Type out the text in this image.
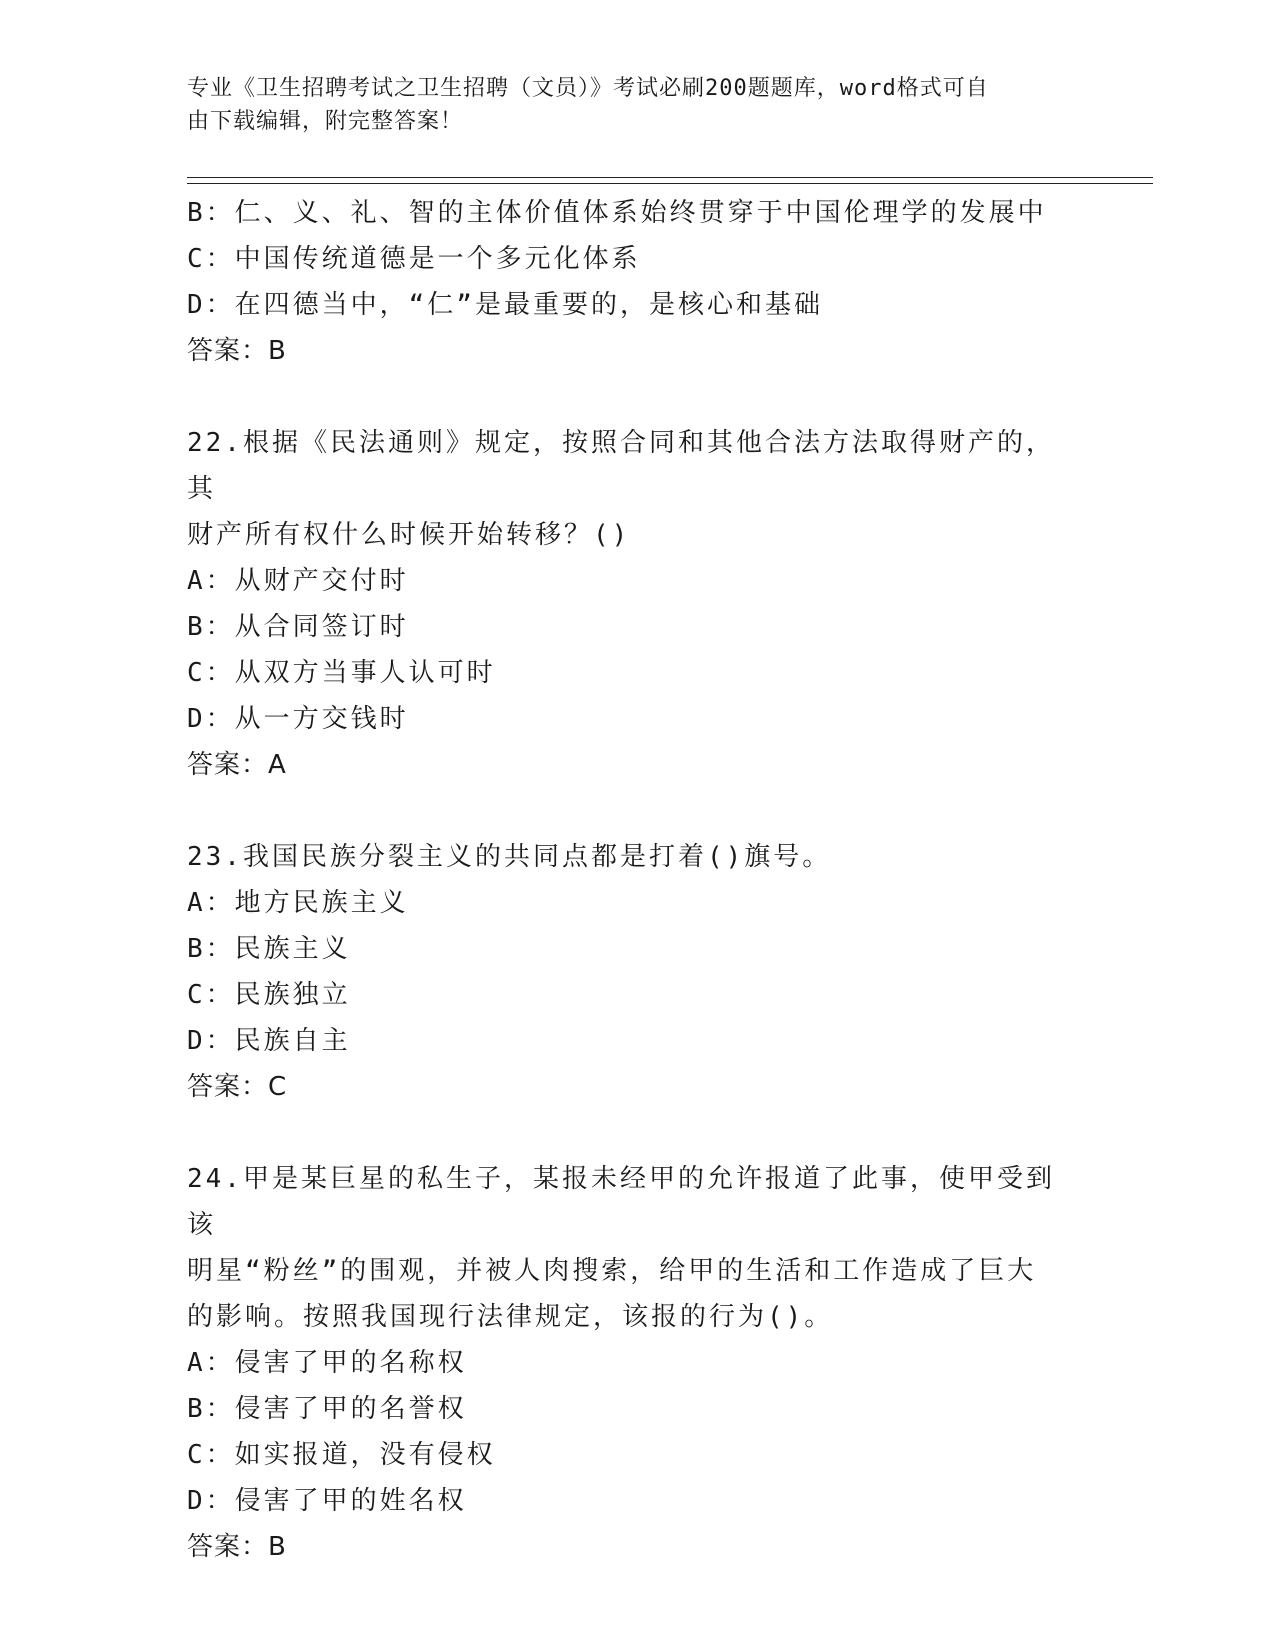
专业《卫生招聘考试之卫生招聘（文员）》考试必刷200题题库，word格式可自
由下载编辑，附完整答案！
B：仁、义、礼、智的主体价值体系始终贯穿于中国伦理学的发展中
C：中国传统道德是一个多元化体系
D：在四德当中，“仁”是最重要的，是核心和基础
答案：B
22.根据《民法通则》规定，按照合同和其他合法方法取得财产的，其
财产所有权什么时候开始转移？()
A：从财产交付时
B：从合同签订时
C：从双方当事人认可时
D：从一方交钱时
答案：A
23.我国民族分裂主义的共同点都是打着()旗号。
A：地方民族主义
B：民族主义
C：民族独立
D：民族自主
答案：C
24.甲是某巨星的私生子，某报未经甲的允许报道了此事，使甲受到该
明星“粉丝”的围观，并被人肉搜索，给甲的生活和工作造成了巨大
的影响。按照我国现行法律规定，该报的行为()。
A：侵害了甲的名称权
B：侵害了甲的名誉权
C：如实报道，没有侵权
D：侵害了甲的姓名权
答案：B
